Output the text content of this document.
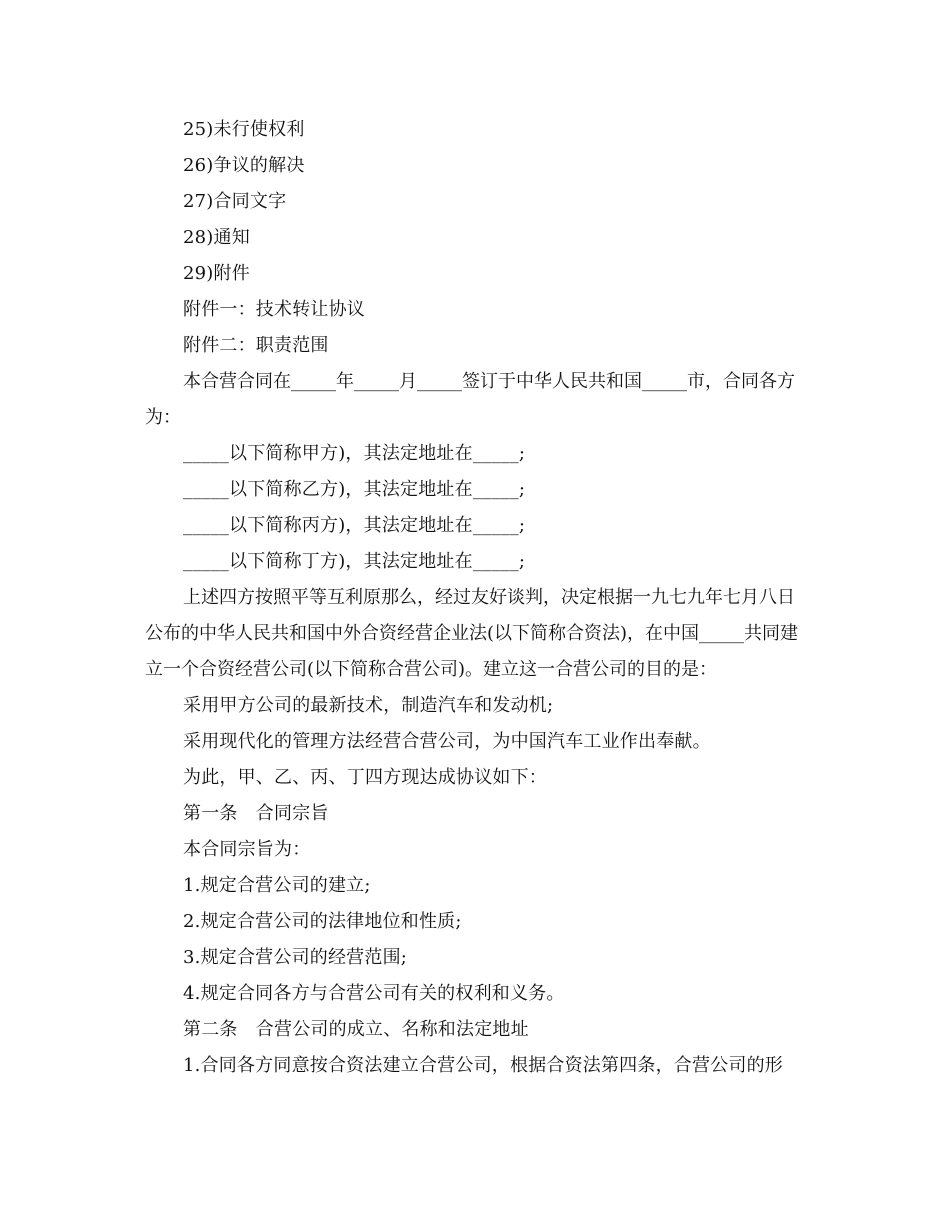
25)未行使权利

26)争议的解决

27)合同文字

28)通知

29)附件

附件一：技术转让协议

附件二：职责范围

本合营合同在_____年_____月_____签订于中华人民共和国_____市，合同各方为：

_____以下简称甲方)，其法定地址在_____;

_____以下简称乙方)，其法定地址在_____;

_____以下简称丙方)，其法定地址在_____;

_____以下简称丁方)，其法定地址在_____;

上述四方按照平等互利原那么，经过友好谈判，决定根据一九七九年七月八日公布的中华人民共和国中外合资经营企业法(以下简称合资法)，在中国_____共同建立一个合资经营公司(以下简称合营公司)。建立这一合营公司的目的是：

采用甲方公司的最新技术，制造汽车和发动机;

采用现代化的管理方法经营合营公司，为中国汽车工业作出奉献。

为此，甲、乙、丙、丁四方现达成协议如下：

第一条　合同宗旨

本合同宗旨为：

1.规定合营公司的建立;

2.规定合营公司的法律地位和性质;

3.规定合营公司的经营范围;

4.规定合同各方与合营公司有关的权利和义务。

第二条　合营公司的成立、名称和法定地址

1.合同各方同意按合资法建立合营公司，根据合资法第四条，合营公司的形
